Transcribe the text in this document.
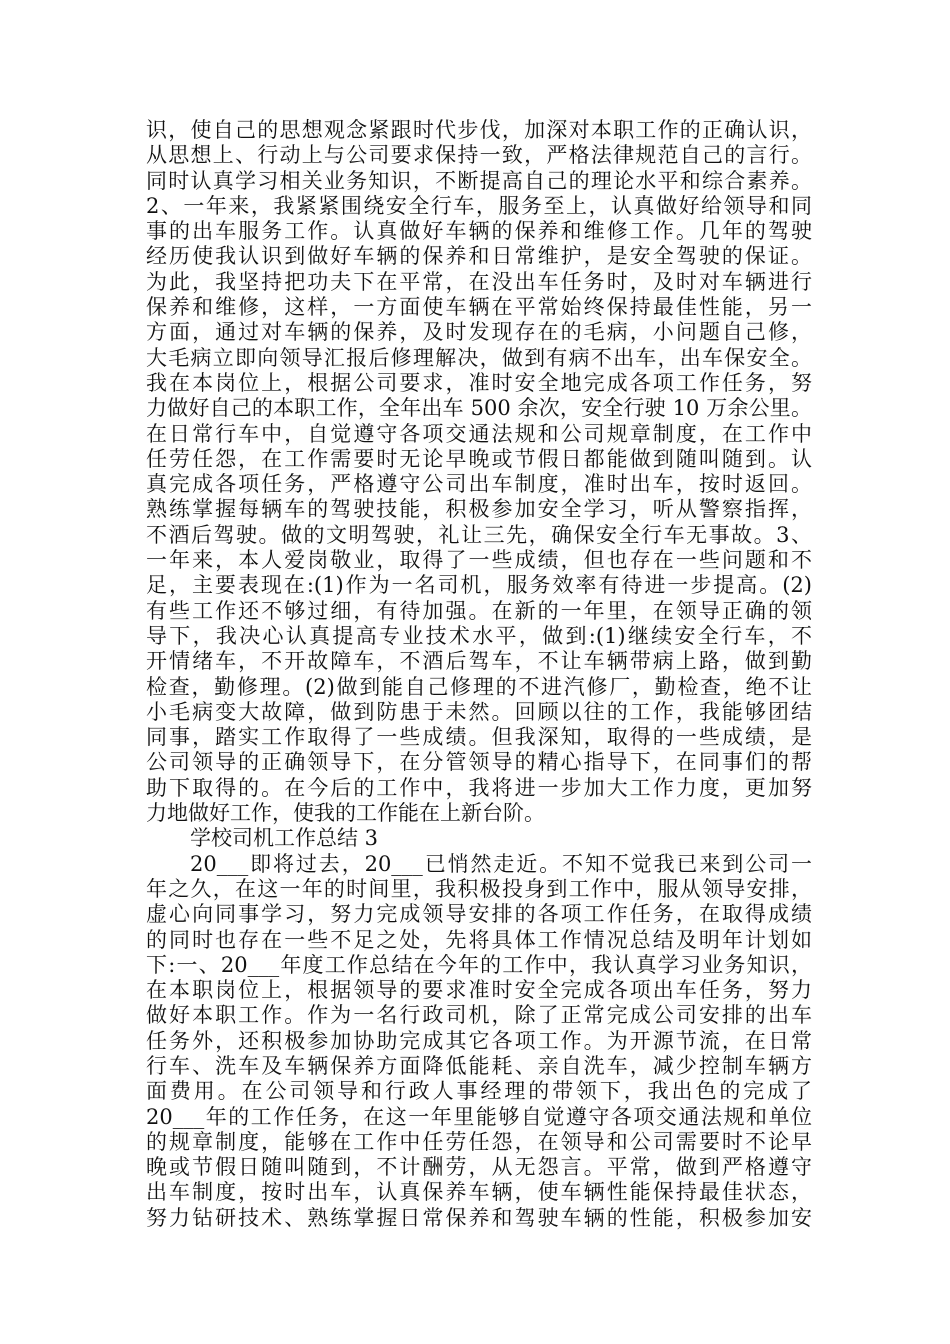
识，使自己的思想观念紧跟时代步伐，加深对本职工作的正确认识，
从思想上、行动上与公司要求保持一致，严格法律规范自己的言行。
同时认真学习相关业务知识，不断提高自己的理论水平和综合素养。
2、一年来，我紧紧围绕安全行车，服务至上，认真做好给领导和同
事的出车服务工作。认真做好车辆的保养和维修工作。几年的驾驶
经历使我认识到做好车辆的保养和日常维护，是安全驾驶的保证。
为此，我坚持把功夫下在平常，在没出车任务时，及时对车辆进行
保养和维修，这样，一方面使车辆在平常始终保持最佳性能，另一
方面，通过对车辆的保养，及时发现存在的毛病，小问题自己修，
大毛病立即向领导汇报后修理解决，做到有病不出车，出车保安全。
我在本岗位上，根据公司要求，准时安全地完成各项工作任务，努
力做好自己的本职工作，全年出车 500 余次，安全行驶 10 万余公里。
在日常行车中，自觉遵守各项交通法规和公司规章制度，在工作中
任劳任怨，在工作需要时无论早晚或节假日都能做到随叫随到。认
真完成各项任务，严格遵守公司出车制度，准时出车，按时返回。
熟练掌握每辆车的驾驶技能，积极参加安全学习，听从警察指挥，
不酒后驾驶。做的文明驾驶，礼让三先，确保安全行车无事故。3、
一年来，本人爱岗敬业，取得了一些成绩，但也存在一些问题和不
足，主要表现在:(1)作为一名司机，服务效率有待进一步提高。(2)
有些工作还不够过细，有待加强。在新的一年里，在领导正确的领
导下，我决心认真提高专业技术水平，做到:(1)继续安全行车，不
开情绪车，不开故障车，不酒后驾车，不让车辆带病上路，做到勤
检查，勤修理。(2)做到能自己修理的不进汽修厂，勤检查，绝不让
小毛病变大故障，做到防患于未然。回顾以往的工作，我能够团结
同事，踏实工作取得了一些成绩。但我深知，取得的一些成绩，是
公司领导的正确领导下，在分管领导的精心指导下，在同事们的帮
助下取得的。在今后的工作中，我将进一步加大工作力度，更加努
力地做好工作，使我的工作能在上新台阶。
学校司机工作总结 3
20___即将过去，20___已悄然走近。不知不觉我已来到公司一
年之久，在这一年的时间里，我积极投身到工作中，服从领导安排，
虚心向同事学习，努力完成领导安排的各项工作任务，在取得成绩
的同时也存在一些不足之处，先将具体工作情况总结及明年计划如
下:一、20___年度工作总结在今年的工作中，我认真学习业务知识，
在本职岗位上，根据领导的要求准时安全完成各项出车任务，努力
做好本职工作。作为一名行政司机，除了正常完成公司安排的出车
任务外，还积极参加协助完成其它各项工作。为开源节流，在日常
行车、洗车及车辆保养方面降低能耗、亲自洗车，减少控制车辆方
面费用。在公司领导和行政人事经理的带领下，我出色的完成了
20___年的工作任务，在这一年里能够自觉遵守各项交通法规和单位
的规章制度，能够在工作中任劳任怨，在领导和公司需要时不论早
晚或节假日随叫随到，不计酬劳，从无怨言。平常，做到严格遵守
出车制度，按时出车，认真保养车辆，使车辆性能保持最佳状态，
努力钻研技术、熟练掌握日常保养和驾驶车辆的性能，积极参加安
